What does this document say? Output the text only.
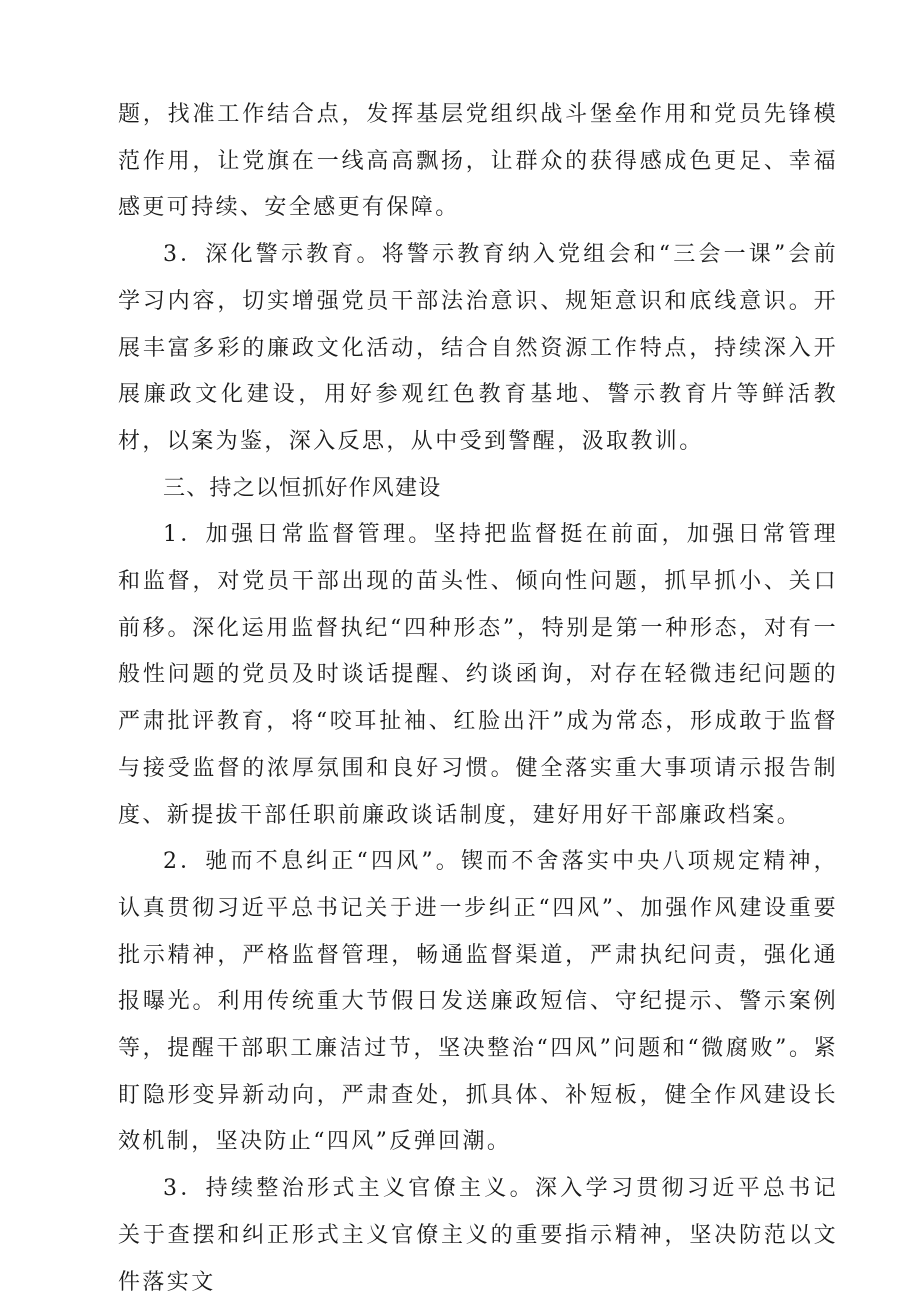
题，找准工作结合点，发挥基层党组织战斗堡垒作用和党员先锋模范作用，让党旗在一线高高飘扬，让群众的获得感成色更足、幸福感更可持续、安全感更有保障。

3．深化警示教育。将警示教育纳入党组会和“三会一课”会前学习内容，切实增强党员干部法治意识、规矩意识和底线意识。开展丰富多彩的廉政文化活动，结合自然资源工作特点，持续深入开展廉政文化建设，用好参观红色教育基地、警示教育片等鲜活教材，以案为鉴，深入反思，从中受到警醒，汲取教训。

三、持之以恒抓好作风建设

1．加强日常监督管理。坚持把监督挺在前面，加强日常管理和监督，对党员干部出现的苗头性、倾向性问题，抓早抓小、关口前移。深化运用监督执纪“四种形态”，特别是第一种形态，对有一般性问题的党员及时谈话提醒、约谈函询，对存在轻微违纪问题的严肃批评教育，将“咬耳扯袖、红脸出汗”成为常态，形成敢于监督与接受监督的浓厚氛围和良好习惯。健全落实重大事项请示报告制度、新提拔干部任职前廉政谈话制度，建好用好干部廉政档案。

2．驰而不息纠正“四风”。锲而不舍落实中央八项规定精神，认真贯彻习近平总书记关于进一步纠正“四风”、加强作风建设重要批示精神，严格监督管理，畅通监督渠道，严肃执纪问责，强化通报曝光。利用传统重大节假日发送廉政短信、守纪提示、警示案例等，提醒干部职工廉洁过节，坚决整治“四风”问题和“微腐败”。紧盯隐形变异新动向，严肃查处，抓具体、补短板，健全作风建设长效机制，坚决防止“四风”反弹回潮。

3．持续整治形式主义官僚主义。深入学习贯彻习近平总书记关于查摆和纠正形式主义官僚主义的重要指示精神，坚决防范以文件落实文
